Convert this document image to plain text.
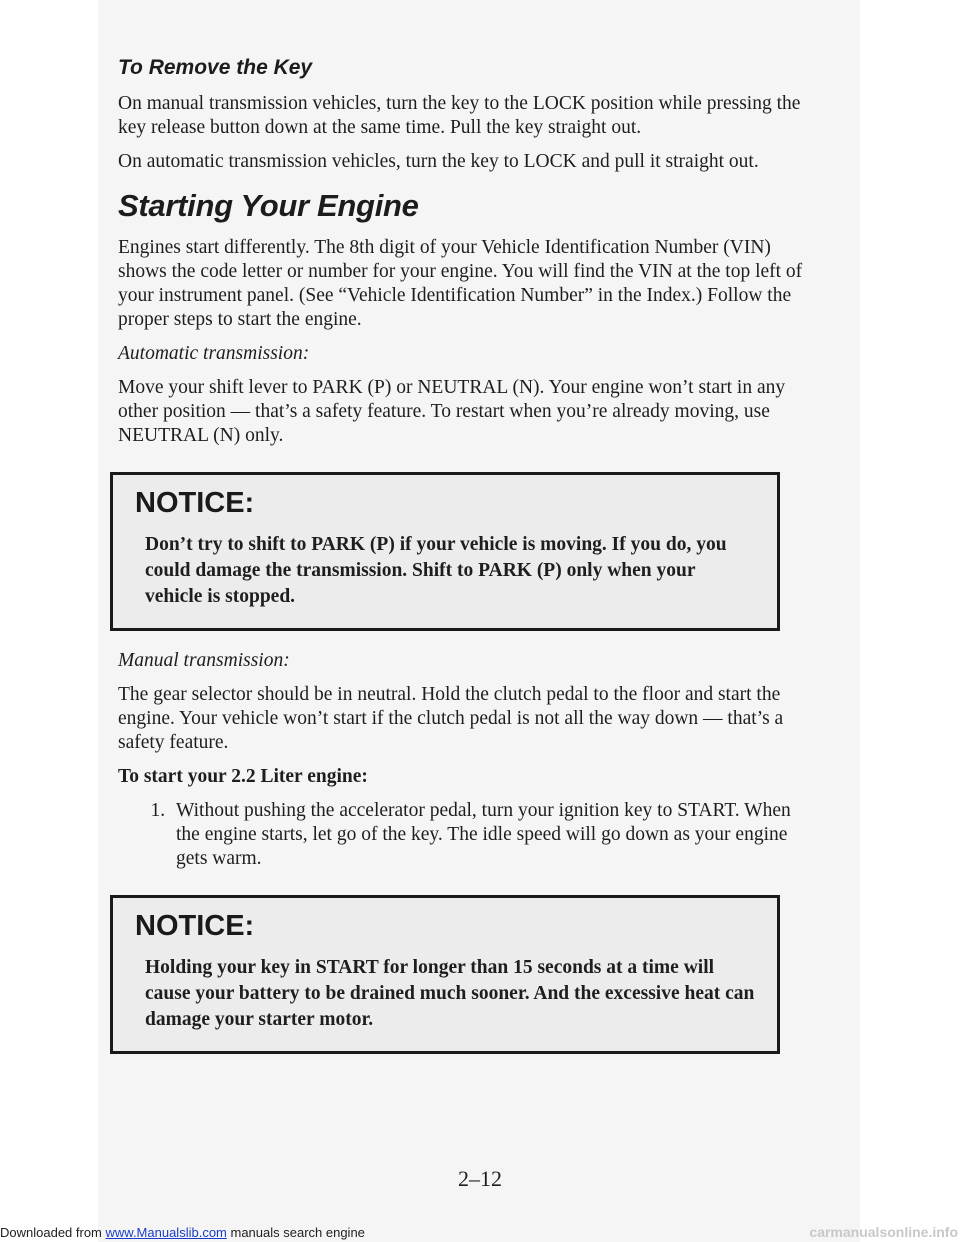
To Remove the Key

On manual transmission vehicles, turn the key to the LOCK position while pressing the key release button down at the same time. Pull the key straight out.

On automatic transmission vehicles, turn the key to LOCK and pull it straight out.

Starting Your Engine

Engines start differently. The 8th digit of your Vehicle Identification Number (VIN) shows the code letter or number for your engine. You will find the VIN at the top left of your instrument panel. (See “Vehicle Identification Number” in the Index.) Follow the proper steps to start the engine.

Automatic transmission:

Move your shift lever to PARK (P) or NEUTRAL (N). Your engine won’t start in any other position — that’s a safety feature. To restart when you’re already moving, use NEUTRAL (N) only.

NOTICE:

Don’t try to shift to PARK (P) if your vehicle is moving. If you do, you could damage the transmission. Shift to PARK (P) only when your vehicle is stopped.

Manual transmission:

The gear selector should be in neutral. Hold the clutch pedal to the floor and start the engine. Your vehicle won’t start if the clutch pedal is not all the way down — that’s a safety feature.

To start your 2.2 Liter engine:

1. Without pushing the accelerator pedal, turn your ignition key to START. When the engine starts, let go of the key. The idle speed will go down as your engine gets warm.
NOTICE:

Holding your key in START for longer than 15 seconds at a time will cause your battery to be drained much sooner. And the excessive heat can damage your starter motor.

2–12
Downloaded from www.Manualslib.com manuals search engine	carmanualsonline.info
